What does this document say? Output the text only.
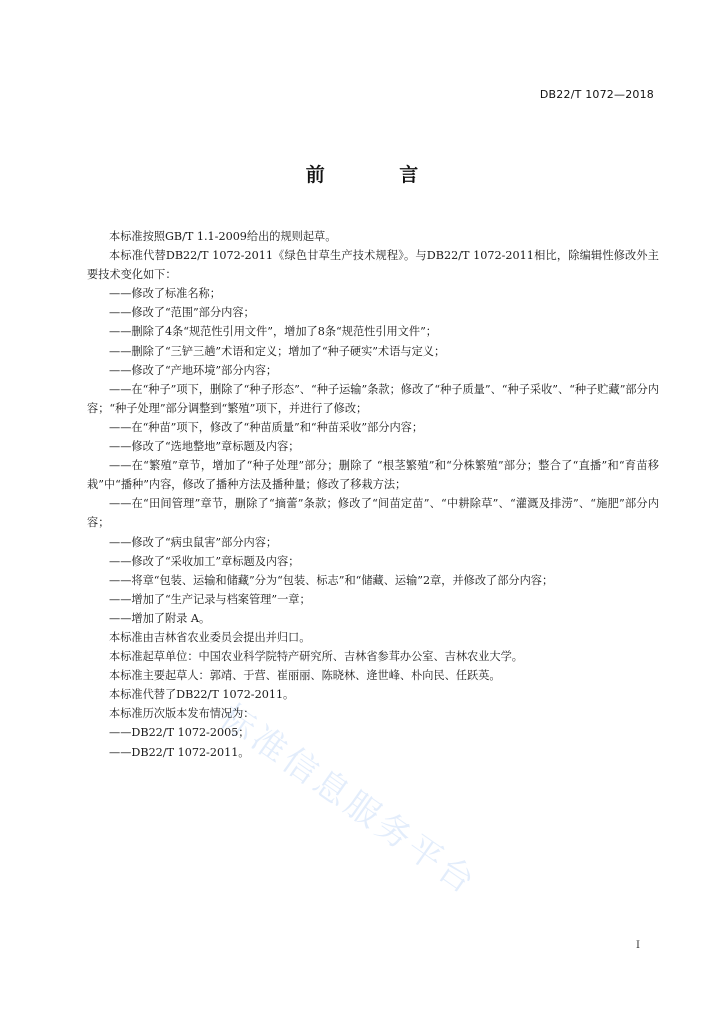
DB22/T 1072—2018
前 言
标准信息服务平台
本标准按照GB/T 1.1-2009给出的规则起草。
本标准代替DB22/T 1072-2011《绿色甘草生产技术规程》。与DB22/T 1072-2011相比，除编辑性修改外主要技术变化如下：
——修改了标准名称；
——修改了“范围”部分内容；
——删除了4条“规范性引用文件”，增加了8条“规范性引用文件”；
——删除了“三铲三趟”术语和定义；增加了“种子硬实”术语与定义；
——修改了“产地环境”部分内容；
——在“种子”项下，删除了“种子形态”、“种子运输”条款；修改了“种子质量”、“种子采收”、“种子贮藏”部分内容；“种子处理”部分调整到“繁殖”项下，并进行了修改；
——在“种苗”项下，修改了“种苗质量”和“种苗采收”部分内容；
——修改了“选地整地”章标题及内容；
——在“繁殖”章节，增加了“种子处理”部分；删除了 “根茎繁殖”和“分株繁殖”部分；整合了“直播”和“育苗移栽”中“播种”内容，修改了播种方法及播种量；修改了移栽方法；
——在“田间管理”章节，删除了“摘蕾”条款；修改了“间苗定苗”、“中耕除草”、“灌溉及排涝”、“施肥”部分内容；
——修改了“病虫鼠害”部分内容；
——修改了“采收加工”章标题及内容；
——将章“包装、运输和储藏”分为“包装、标志”和“储藏、运输”2章，并修改了部分内容；
——增加了“生产记录与档案管理”一章；
——增加了附录 A。
本标准由吉林省农业委员会提出并归口。
本标准起草单位：中国农业科学院特产研究所、吉林省参茸办公室、吉林农业大学。
本标准主要起草人：郭靖、于营、崔丽丽、陈晓林、逄世峰、朴向民、任跃英。
本标准代替了DB22/T 1072-2011。
本标准历次版本发布情况为：
——DB22/T 1072-2005；
——DB22/T 1072-2011。
I
